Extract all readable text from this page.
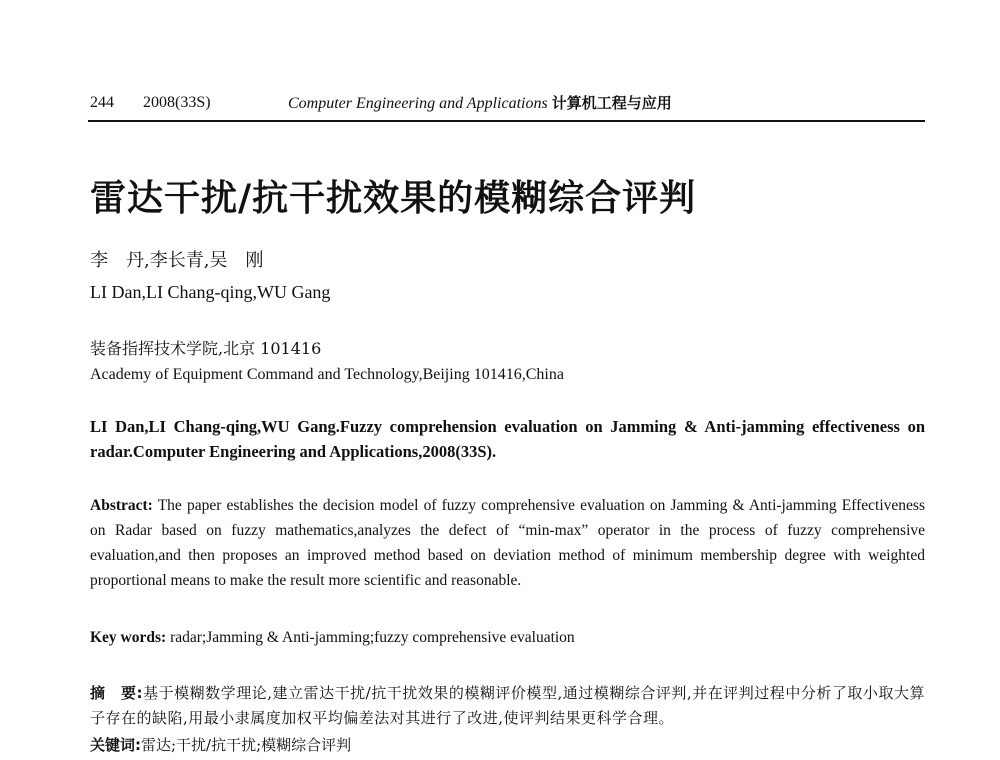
244 2008(33S)	Computer Engineering and Applications 计算机工程与应用
雷达干扰/抗干扰效果的模糊综合评判
李　丹,李长青,吴　刚
LI Dan,LI Chang-qing,WU Gang
装备指挥技术学院,北京 101416
Academy of Equipment Command and Technology,Beijing 101416,China

LI Dan,LI Chang-qing,WU Gang.Fuzzy comprehension evaluation on Jamming & Anti-jamming effectiveness on radar.Computer Engineering and Applications,2008(33S).

Abstract: The paper establishes the decision model of fuzzy comprehensive evaluation on Jamming & Anti-jamming Effectiveness on Radar based on fuzzy mathematics,analyzes the defect of “min-max” operator in the process of fuzzy comprehensive evaluation,and then proposes an improved method based on deviation method of minimum membership degree with weighted proportional means to make the result more scientific and reasonable.

Key words: radar;Jamming & Anti-jamming;fuzzy comprehensive evaluation

摘　要:基于模糊数学理论,建立雷达干扰/抗干扰效果的模糊评价模型,通过模糊综合评判,并在评判过程中分析了取小取大算子存在的缺陷,用最小隶属度加权平均偏差法对其进行了改进,使评判结果更科学合理。

关键词:雷达;干扰/抗干扰;模糊综合评判
